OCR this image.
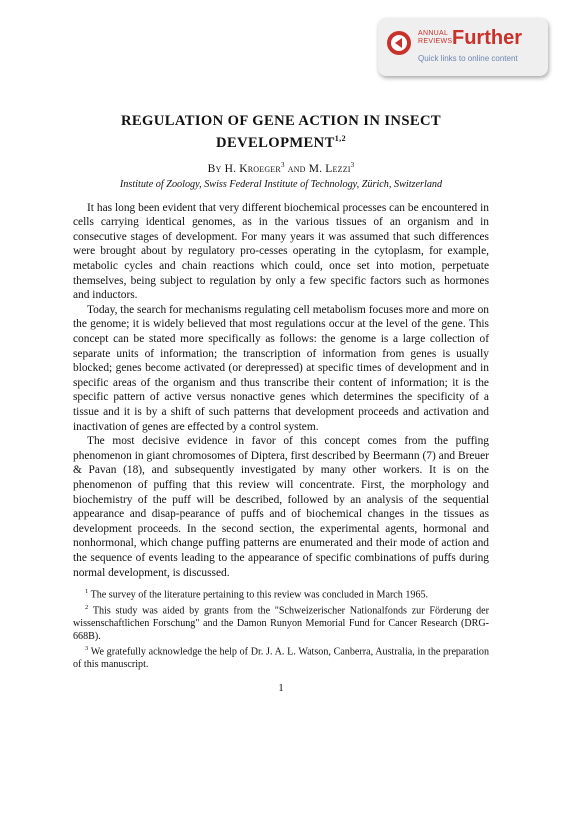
ANNUAL
REVIEWS Further
Quick links to online content
REGULATION OF GENE ACTION IN INSECT DEVELOPMENT$^{1,2}$
By H. Kroeger$^3$ and M. Lezzi$^3$
Institute of Zoology, Swiss Federal Institute of Technology, Zürich, Switzerland

It has long been evident that very different biochemical processes can be encountered in cells carrying identical genomes, as in the various tissues of an organism and in consecutive stages of development. For many years it was assumed that such differences were brought about by regulatory pro-cesses operating in the cytoplasm, for example, metabolic cycles and chain reactions which could, once set into motion, perpetuate themselves, being subject to regulation by only a few specific factors such as hormones and inductors.

Today, the search for mechanisms regulating cell metabolism focuses more and more on the genome; it is widely believed that most regulations occur at the level of the gene. This concept can be stated more specifically as follows: the genome is a large collection of separate units of information; the transcription of information from genes is usually blocked; genes become activated (or derepressed) at specific times of development and in specific areas of the organism and thus transcribe their content of information; it is the specific pattern of active versus nonactive genes which determines the specificity of a tissue and it is by a shift of such patterns that development proceeds and activation and inactivation of genes are effected by a control system.

The most decisive evidence in favor of this concept comes from the puffing phenomenon in giant chromosomes of Diptera, first described by Beermann (7) and Breuer & Pavan (18), and subsequently investigated by many other workers. It is on the phenomenon of puffing that this review will concentrate. First, the morphology and biochemistry of the puff will be described, followed by an analysis of the sequential appearance and disap-pearance of puffs and of biochemical changes in the tissues as development proceeds. In the second section, the experimental agents, hormonal and nonhormonal, which change puffing patterns are enumerated and their mode of action and the sequence of events leading to the appearance of specific combinations of puffs during normal development, is discussed.

$^1$ The survey of the literature pertaining to this review was concluded in March 1965.

$^2$ This study was aided by grants from the "Schweizerischer Nationalfonds zur Förderung der wissenschaftlichen Forschung" and the Damon Runyon Memorial Fund for Cancer Research (DRG-668B).

$^3$ We gratefully acknowledge the help of Dr. J. A. L. Watson, Canberra, Australia, in the preparation of this manuscript.

1
